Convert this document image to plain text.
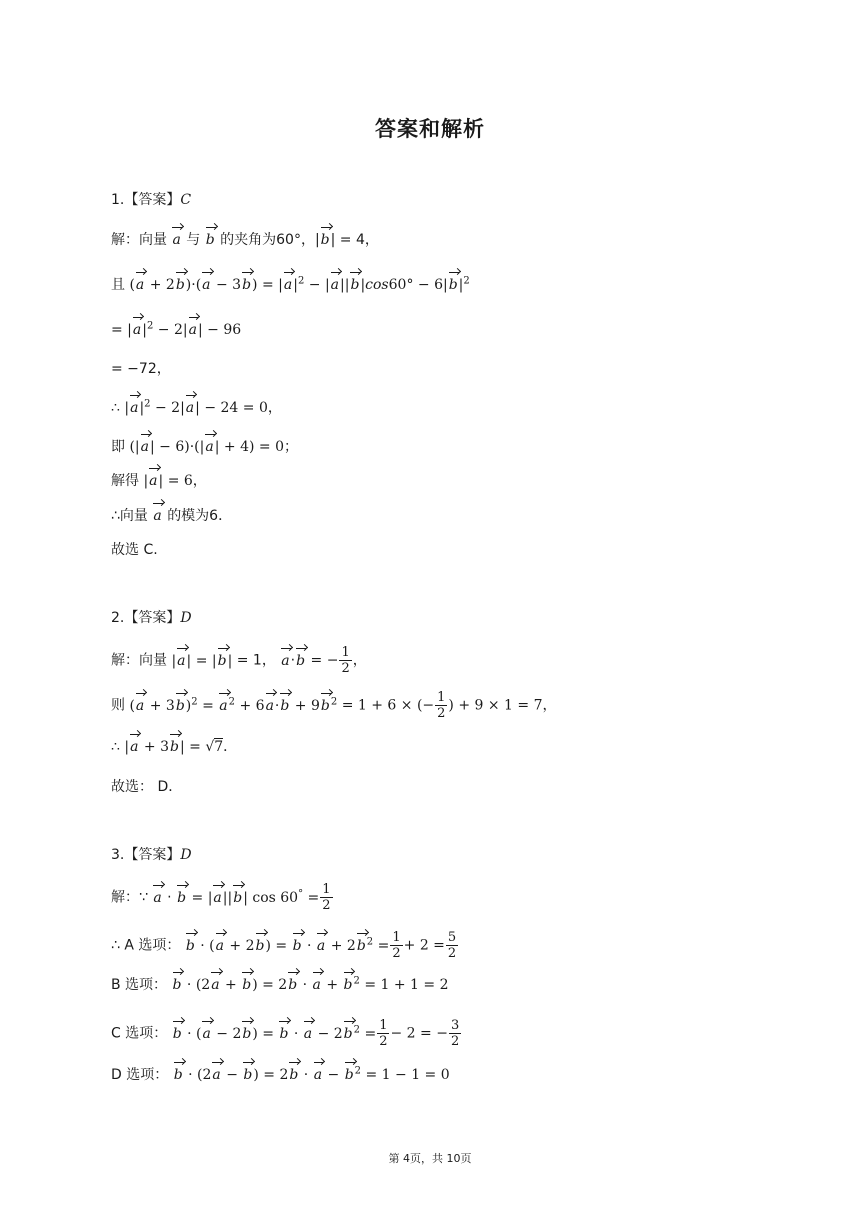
答案和解析
1.【答案】C
解：向量 a 与 b 的夹角为60°，|b| = 4，
且 $(a + 2b)\cdot(a - 3b) = |a|^2 - |a||b|\cos 60^\circ - 6|b|^2$
= $|a|^2 - 2|a| - 96$
= −72，
∴ $|a|^2 - 2|a| - 24 = 0$，
即 (|a| − 6)·(|a| + 4) = 0；
解得 |a| = 6，
∴向量 a 的模为6．
故选 C.
2.【答案】D
解：向量 |a| = |b| = 1， a·b = − $\frac{1}{2}$ ，
则 $(a + 3b)^2 = a^2 + 6a\cdot b + 9b^2 = 1 + 6$ × (− $\frac{1}{2}$ ) + 9 × 1 = 7，
∴ |a + 3b| = √7．
故选： D．
3.【答案】D
解：∵ a · b = |a||b| $\cos 60^\circ = \frac{1}{2}$
∴ A 选项： $b \cdot (a + 2b) = b \cdot a + 2b^2 = \frac{1}{2} + 2 = \frac{5}{2}$
B 选项： $b \cdot (2a + b) = 2b \cdot a + b^2 = 1 + 1 = 2$
C 选项： $b \cdot (a - 2b) = b \cdot a - 2b^2 = \frac{1}{2} - 2$ = − $\frac{3}{2}$
D 选项： $b \cdot (2a - b) = 2b \cdot a - b^2 = 1 - 1 = 0$
第 4页，共 10页
